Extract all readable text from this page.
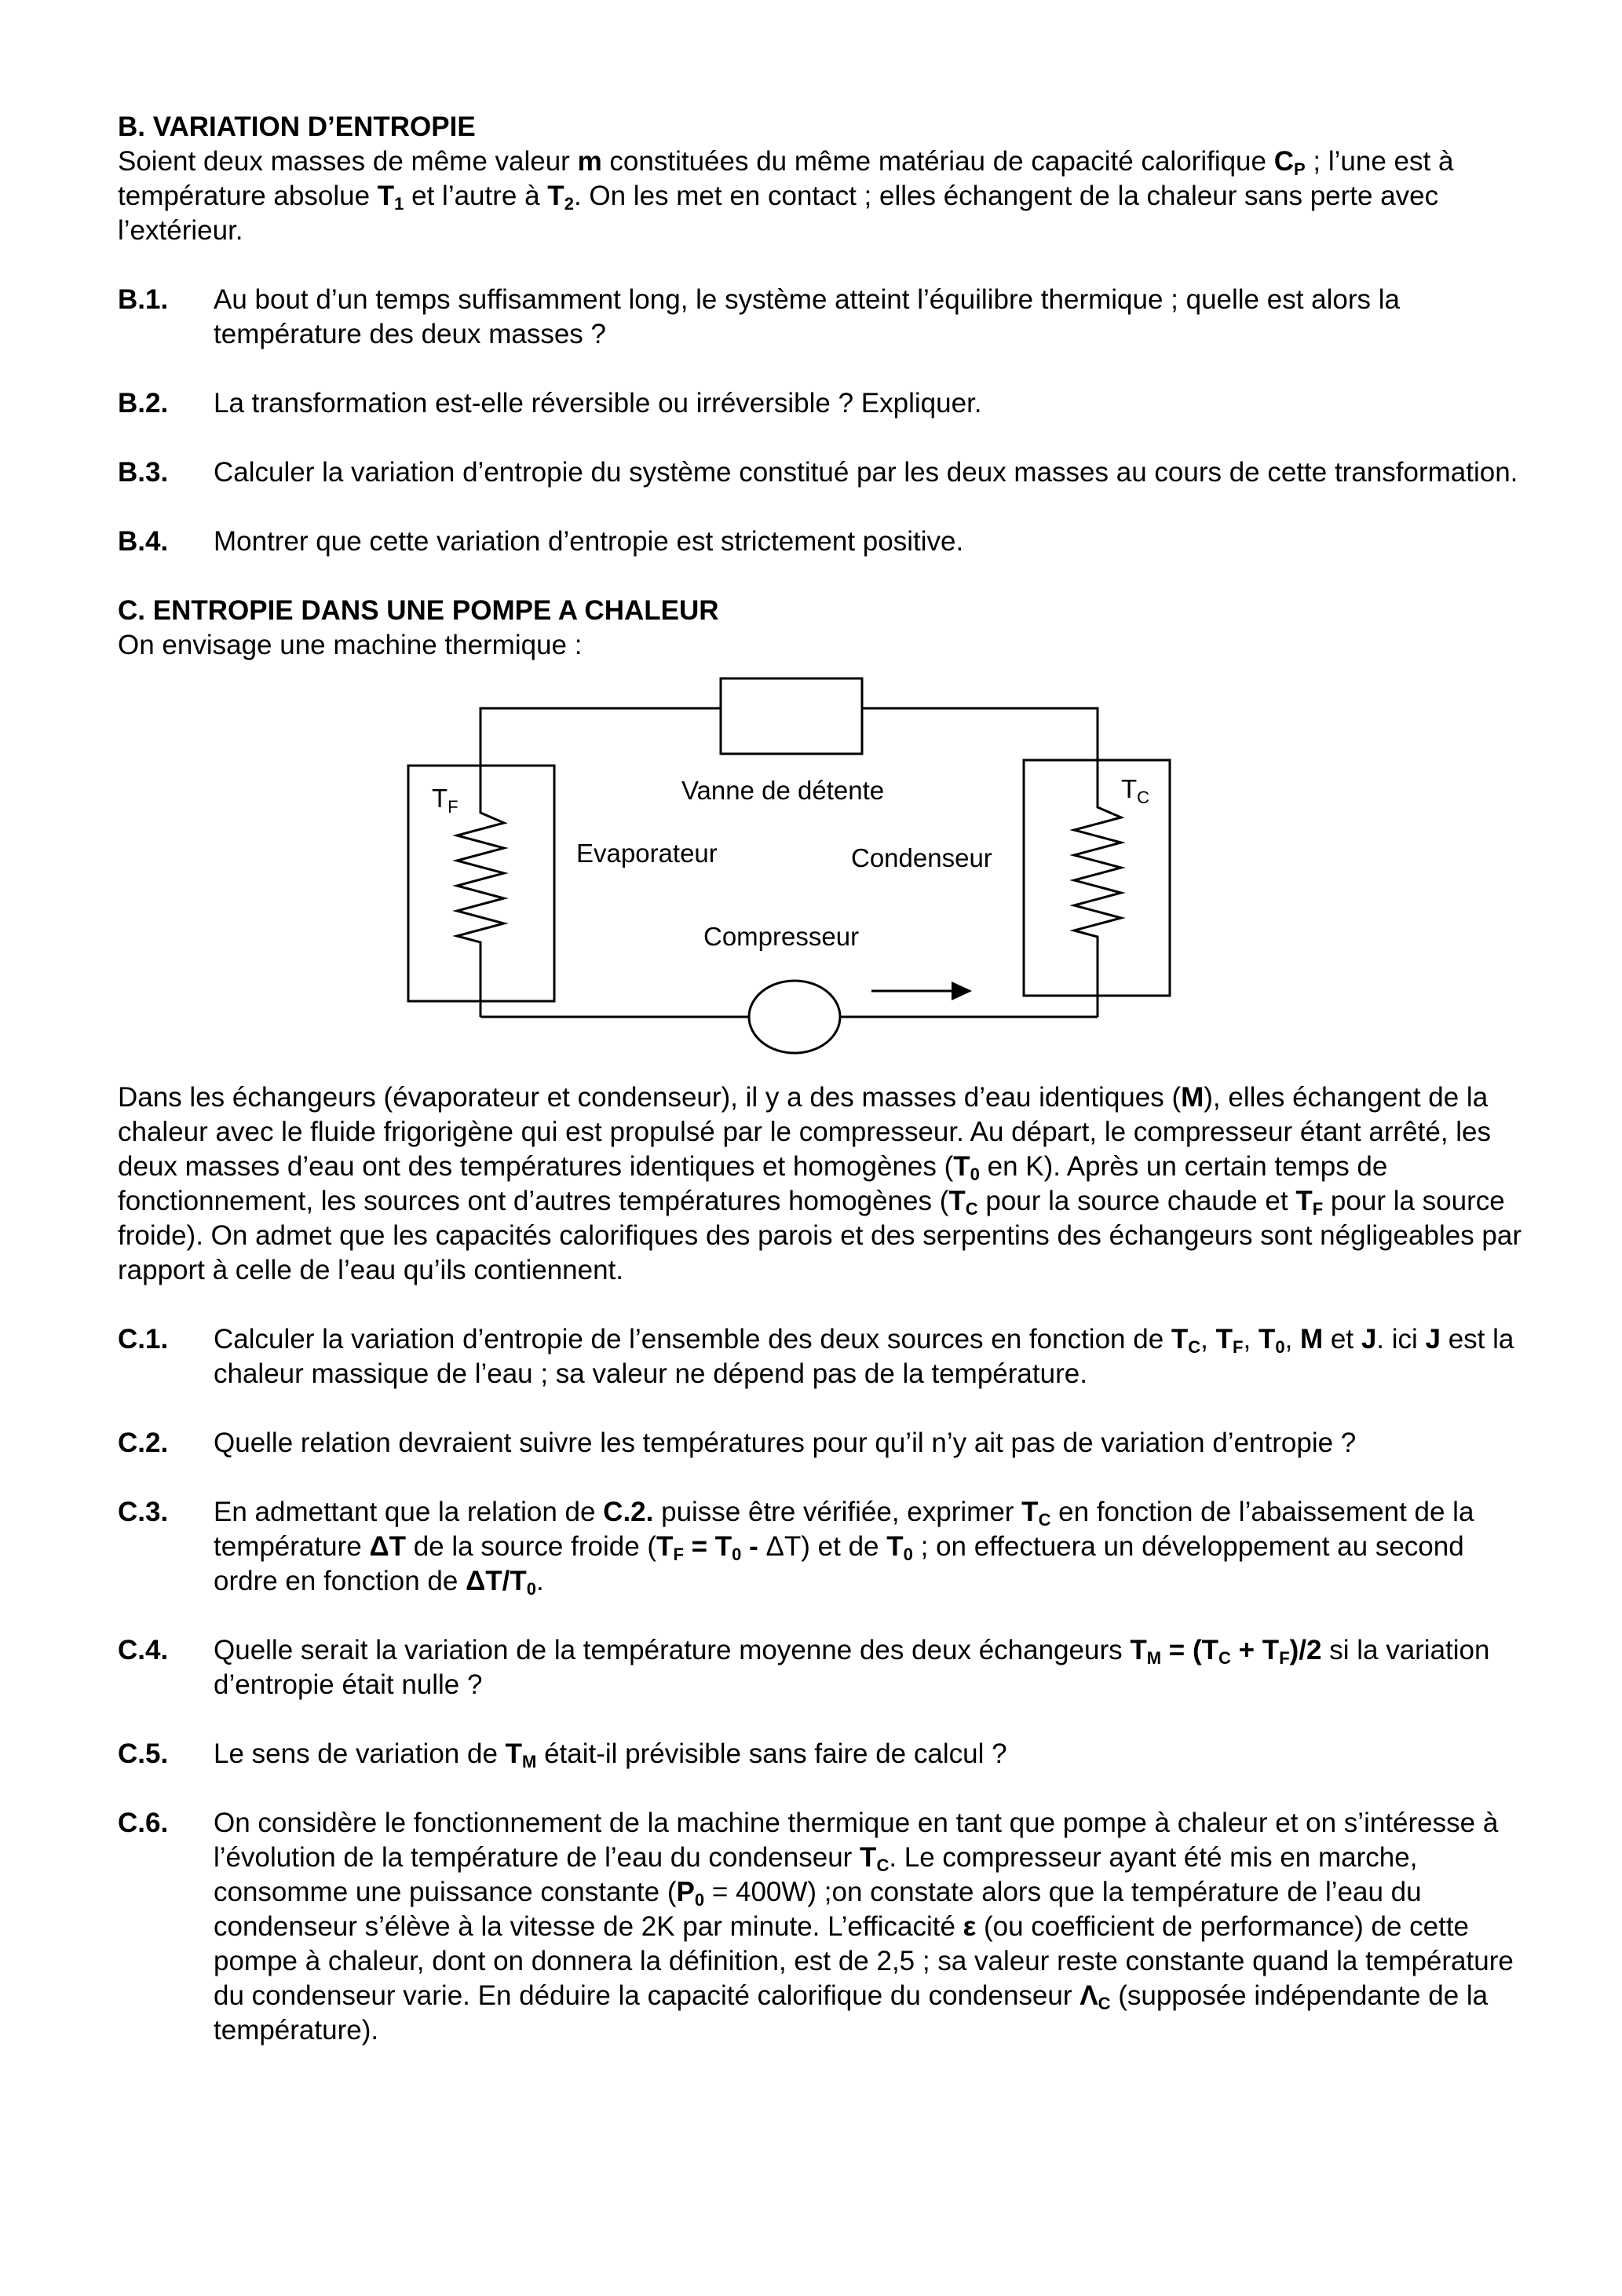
B. VARIATION D’ENTROPIE

Soient deux masses de même valeur m constituées du même matériau de capacité calorifique $C_P$ ; l’une est à température absolue $T_1$ et l’autre à $T_2$. On les met en contact ; elles échangent de la chaleur sans perte avec l’extérieur.

B.1. Au bout d’un temps suffisamment long, le système atteint l’équilibre thermique ; quelle est alors la température des deux masses ?
B.2. La transformation est-elle réversible ou irréversible ? Expliquer.
B.3. Calculer la variation d’entropie du système constitué par les deux masses au cours de cette transformation.
B.4. Montrer que cette variation d’entropie est strictement positive.

C. ENTROPIE DANS UNE POMPE A CHALEUR

On envisage une machine thermique :

$T_F$
$T_C$
Vanne de détente
Evaporateur	Condenseur
Compresseur

Dans les échangeurs (évaporateur et condenseur), il y a des masses d’eau identiques (M), elles échangent de la chaleur avec le fluide frigorigène qui est propulsé par le compresseur. Au départ, le compresseur étant arrêté, les deux masses d’eau ont des températures identiques et homogènes ($T_0$ en K). Après un certain temps de fonctionnement, les sources ont d’autres températures homogènes ($T_C$ pour la source chaude et $T_F$ pour la source froide). On admet que les capacités calorifiques des parois et des serpentins des échangeurs sont négligeables par rapport à celle de l’eau qu’ils contiennent.

C.1. Calculer la variation d’entropie de l’ensemble des deux sources en fonction de $T_C$, $T_F$, $T_0$, M et J. ici J est la chaleur massique de l’eau ; sa valeur ne dépend pas de la température.
C.2. Quelle relation devraient suivre les températures pour qu’il n’y ait pas de variation d’entropie ?
C.3. En admettant que la relation de C.2. puisse être vérifiée, exprimer $T_C$ en fonction de l’abaissement de la température ΔT de la source froide $(T_F = T_0 - \Delta T)$ et de $T_0$ ; on effectuera un développement au second ordre en fonction de $\Delta T/T_0$.
C.4. Quelle serait la variation de la température moyenne des deux échangeurs $T_M = (T_C + T_F)/2$ si la variation d’entropie était nulle ?
C.5. Le sens de variation de $T_M$ était-il prévisible sans faire de calcul ?
C.6. On considère le fonctionnement de la machine thermique en tant que pompe à chaleur et on s’intéresse à l’évolution de la température de l’eau du condenseur $T_C$. Le compresseur ayant été mis en marche, consomme une puissance constante $(P_0 = 400W)$ ;on constate alors que la température de l’eau du condenseur s’élève à la vitesse de 2K par minute. L’efficacité ε (ou coefficient de performance) de cette pompe à chaleur, dont on donnera la définition, est de 2,5 ; sa valeur reste constante quand la température du condenseur varie. En déduire la capacité calorifique du condenseur $\Lambda_C$ (supposée indépendante de la température).
